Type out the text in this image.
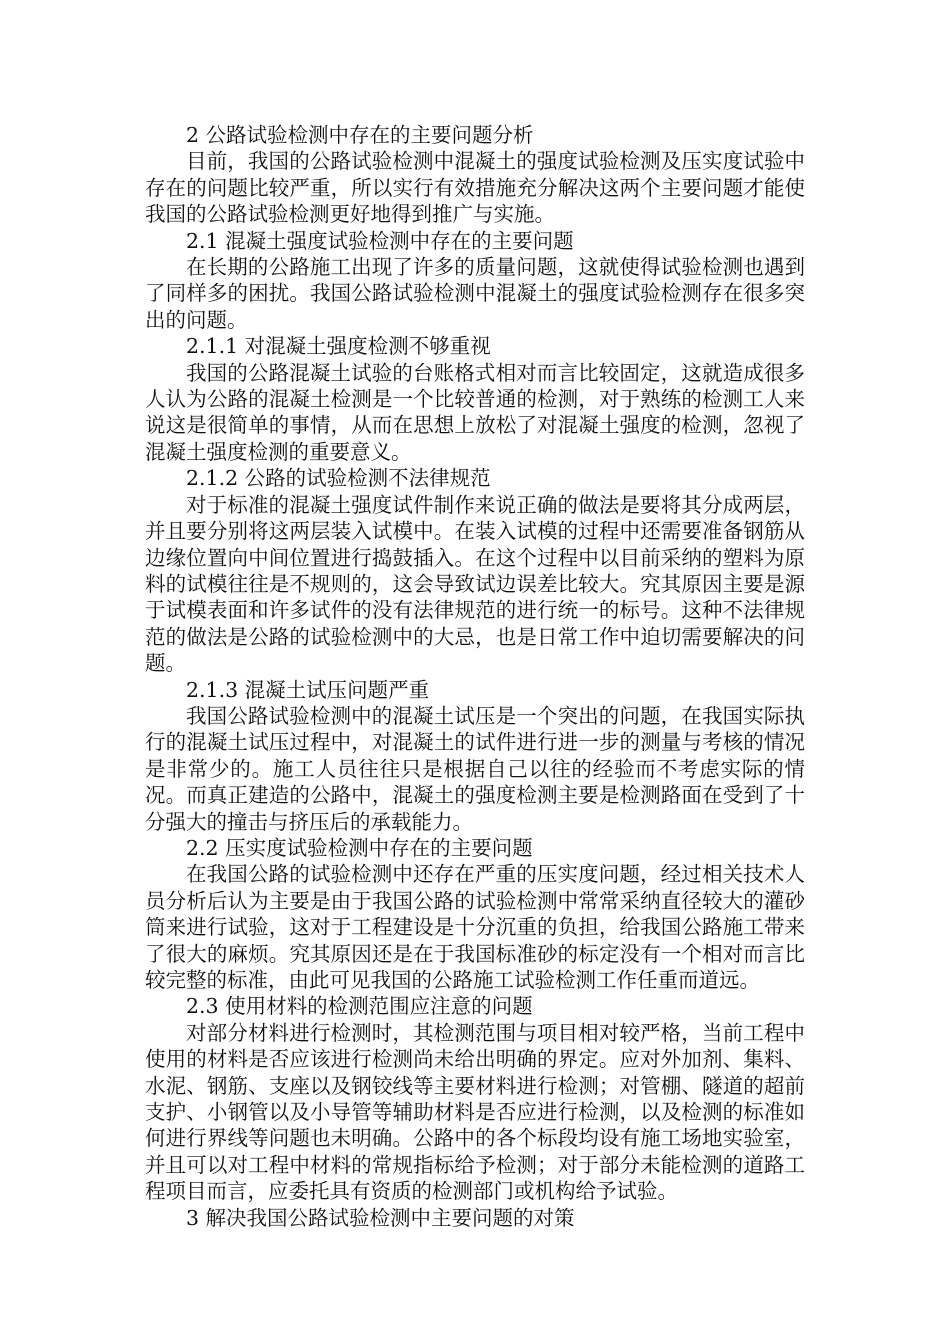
2 公路试验检测中存在的主要问题分析

目前，我国的公路试验检测中混凝土的强度试验检测及压实度试验中存在的问题比较严重，所以实行有效措施充分解决这两个主要问题才能使我国的公路试验检测更好地得到推广与实施。

2.1 混凝土强度试验检测中存在的主要问题

在长期的公路施工出现了许多的质量问题，这就使得试验检测也遇到了同样多的困扰。我国公路试验检测中混凝土的强度试验检测存在很多突出的问题。

2.1.1 对混凝土强度检测不够重视

我国的公路混凝土试验的台账格式相对而言比较固定，这就造成很多人认为公路的混凝土检测是一个比较普通的检测，对于熟练的检测工人来说这是很简单的事情，从而在思想上放松了对混凝土强度的检测，忽视了混凝土强度检测的重要意义。

2.1.2 公路的试验检测不法律规范

对于标准的混凝土强度试件制作来说正确的做法是要将其分成两层，并且要分别将这两层装入试模中。在装入试模的过程中还需要准备钢筋从边缘位置向中间位置进行捣鼓插入。在这个过程中以目前采纳的塑料为原料的试模往往是不规则的，这会导致试边误差比较大。究其原因主要是源于试模表面和许多试件的没有法律规范的进行统一的标号。这种不法律规范的做法是公路的试验检测中的大忌，也是日常工作中迫切需要解决的问题。

2.1.3 混凝土试压问题严重

我国公路试验检测中的混凝土试压是一个突出的问题，在我国实际执行的混凝土试压过程中，对混凝土的试件进行进一步的测量与考核的情况是非常少的。施工人员往往只是根据自己以往的经验而不考虑实际的情况。而真正建造的公路中，混凝土的强度检测主要是检测路面在受到了十分强大的撞击与挤压后的承载能力。

2.2 压实度试验检测中存在的主要问题

在我国公路的试验检测中还存在严重的压实度问题，经过相关技术人员分析后认为主要是由于我国公路的试验检测中常常采纳直径较大的灌砂筒来进行试验，这对于工程建设是十分沉重的负担，给我国公路施工带来了很大的麻烦。究其原因还是在于我国标准砂的标定没有一个相对而言比较完整的标准，由此可见我国的公路施工试验检测工作任重而道远。

2.3 使用材料的检测范围应注意的问题

对部分材料进行检测时，其检测范围与项目相对较严格，当前工程中使用的材料是否应该进行检测尚未给出明确的界定。应对外加剂、集料、水泥、钢筋、支座以及钢铰线等主要材料进行检测；对管棚、隧道的超前支护、小钢管以及小导管等辅助材料是否应进行检测，以及检测的标准如何进行界线等问题也未明确。公路中的各个标段均设有施工场地实验室，并且可以对工程中材料的常规指标给予检测；对于部分未能检测的道路工程项目而言，应委托具有资质的检测部门或机构给予试验。

3 解决我国公路试验检测中主要问题的对策
